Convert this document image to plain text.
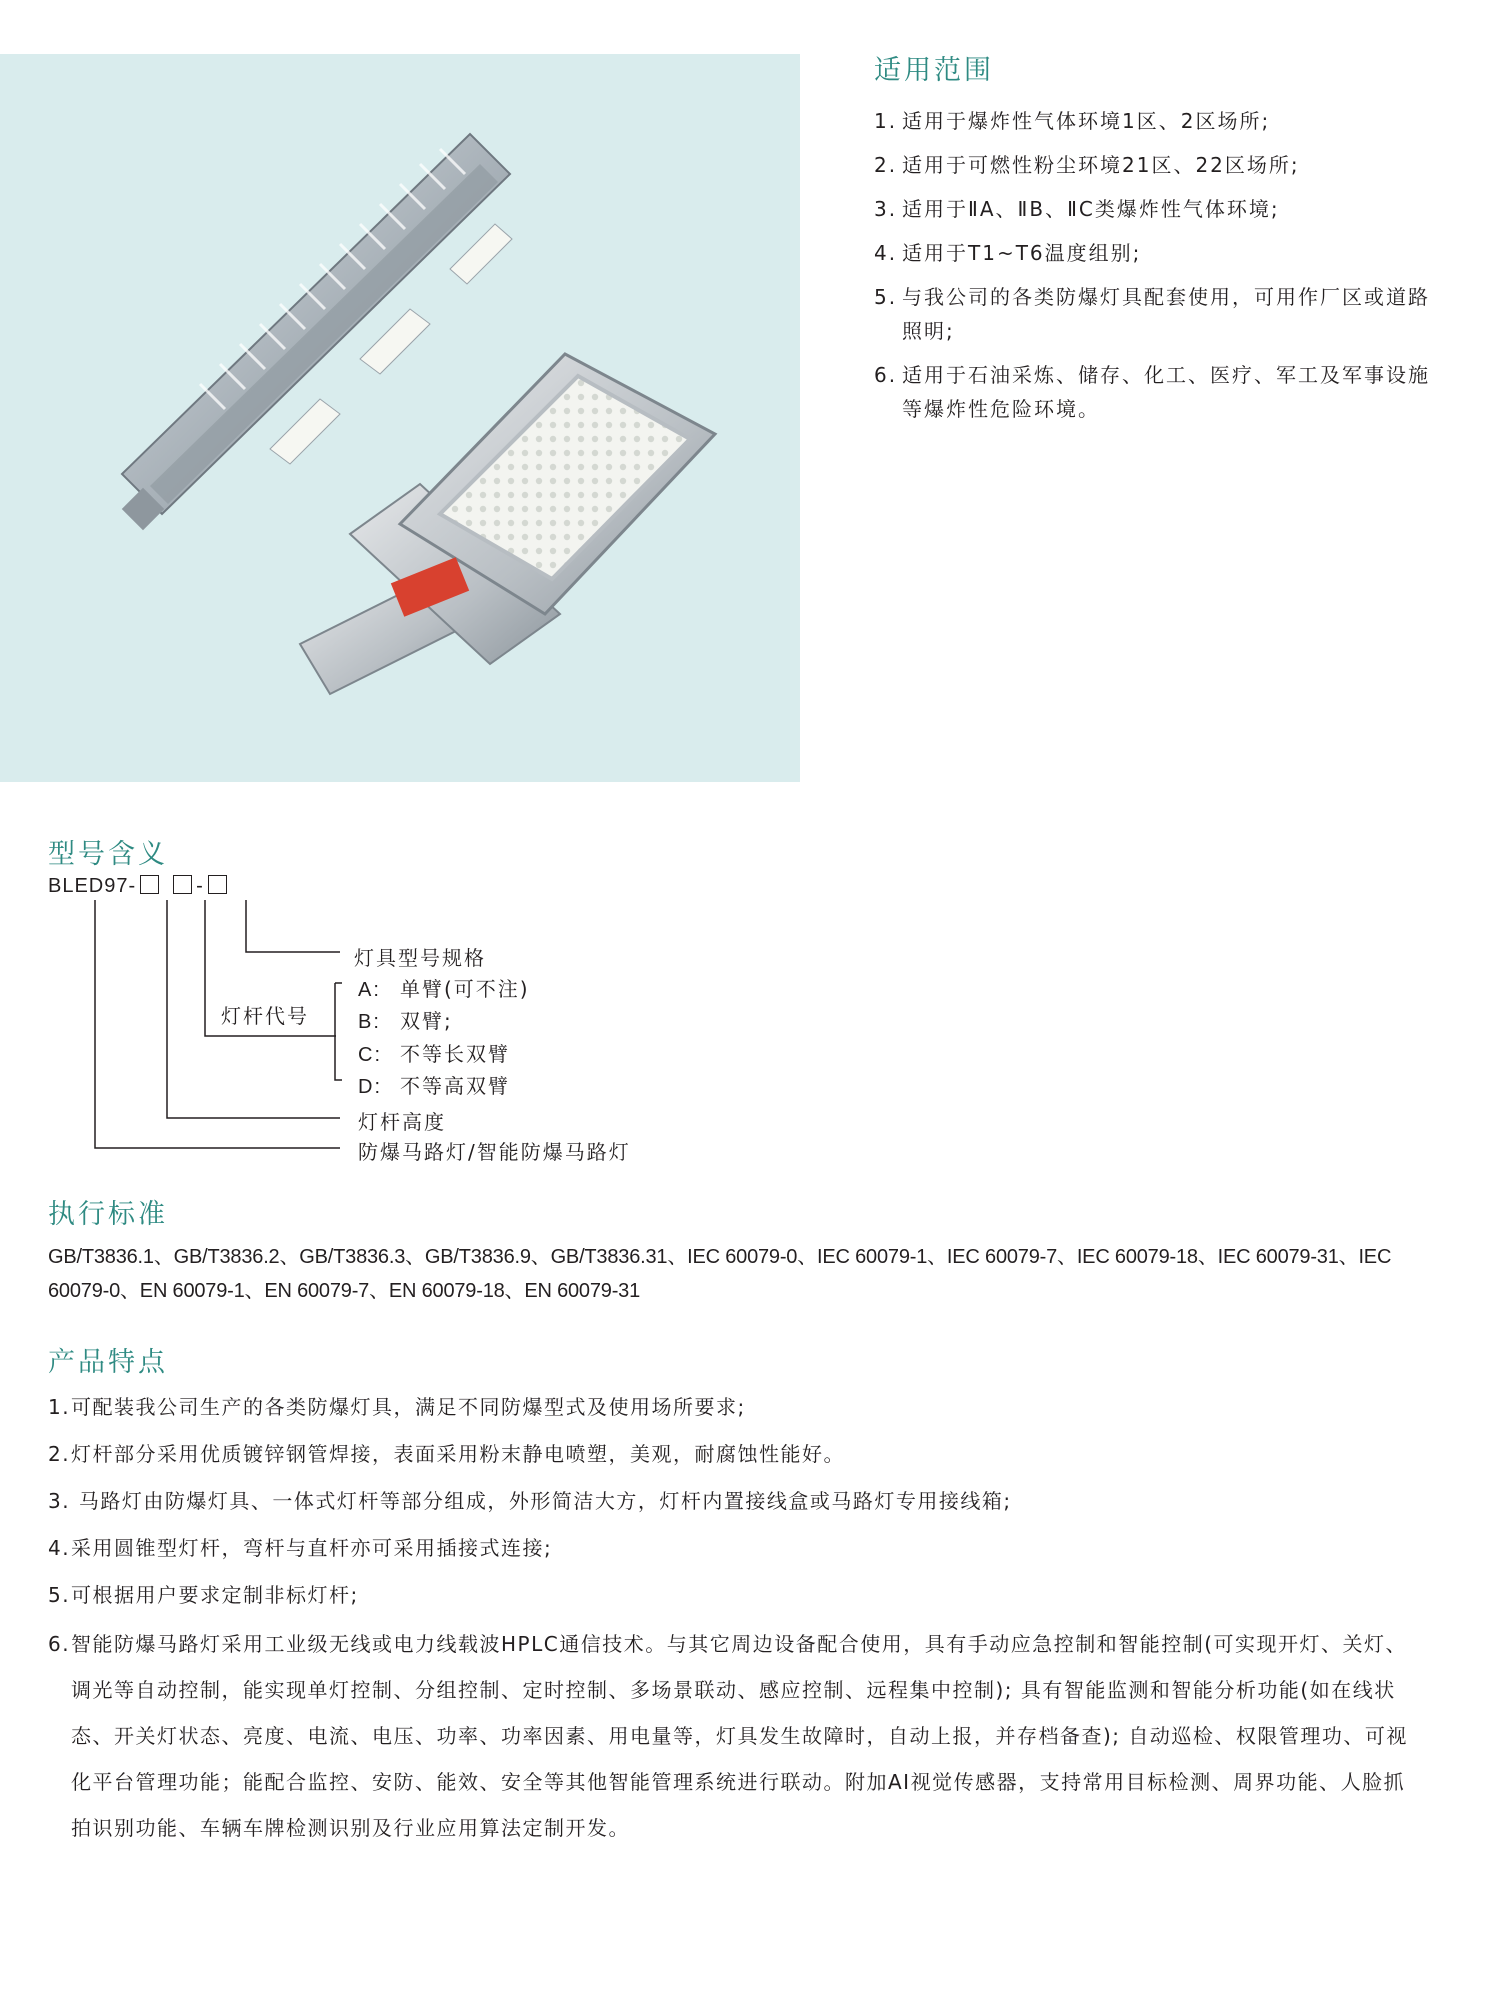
适用范围
1. 适用于爆炸性气体环境1区、2区场所;
2. 适用于可燃性粉尘环境21区、22区场所;
3. 适用于ⅡA、ⅡB、ⅡC类爆炸性气体环境;
4. 适用于T1~T6温度组别;
5. 与我公司的各类防爆灯具配套使用，可用作厂区或道路照明;
6. 适用于石油采炼、储存、化工、医疗、军工及军事设施等爆炸性危险环境。
型号含义
BLED97-	-
灯具型号规格
灯杆代号
A: 单臂(可不注)
B: 双臂;
C: 不等长双臂
D: 不等高双臂
灯杆高度
防爆马路灯/智能防爆马路灯
执行标准
GB/T3836.1、GB/T3836.2、GB/T3836.3、GB/T3836.9、GB/T3836.31、IEC 60079-0、IEC 60079-1、IEC 60079-7、IEC 60079-18、IEC 60079-31、IEC 60079-0、EN 60079-1、EN 60079-7、EN 60079-18、EN 60079-31
产品特点
1.可配装我公司生产的各类防爆灯具，满足不同防爆型式及使用场所要求;
2.灯杆部分采用优质镀锌钢管焊接，表面采用粉末静电喷塑，美观，耐腐蚀性能好。
3. 马路灯由防爆灯具、一体式灯杆等部分组成，外形简洁大方，灯杆内置接线盒或马路灯专用接线箱;
4.采用圆锥型灯杆，弯杆与直杆亦可采用插接式连接;
5.可根据用户要求定制非标灯杆;
6.智能防爆马路灯采用工业级无线或电力线载波HPLC通信技术。与其它周边设备配合使用，具有手动应急控制和智能控制(可实现开灯、关灯、调光等自动控制，能实现单灯控制、分组控制、定时控制、多场景联动、感应控制、远程集中控制); 具有智能监测和智能分析功能(如在线状态、开关灯状态、亮度、电流、电压、功率、功率因素、用电量等，灯具发生故障时，自动上报，并存档备查); 自动巡检、权限管理功、可视化平台管理功能；能配合监控、安防、能效、安全等其他智能管理系统进行联动。附加AI视觉传感器，支持常用目标检测、周界功能、人脸抓拍识别功能、车辆车牌检测识别及行业应用算法定制开发。
